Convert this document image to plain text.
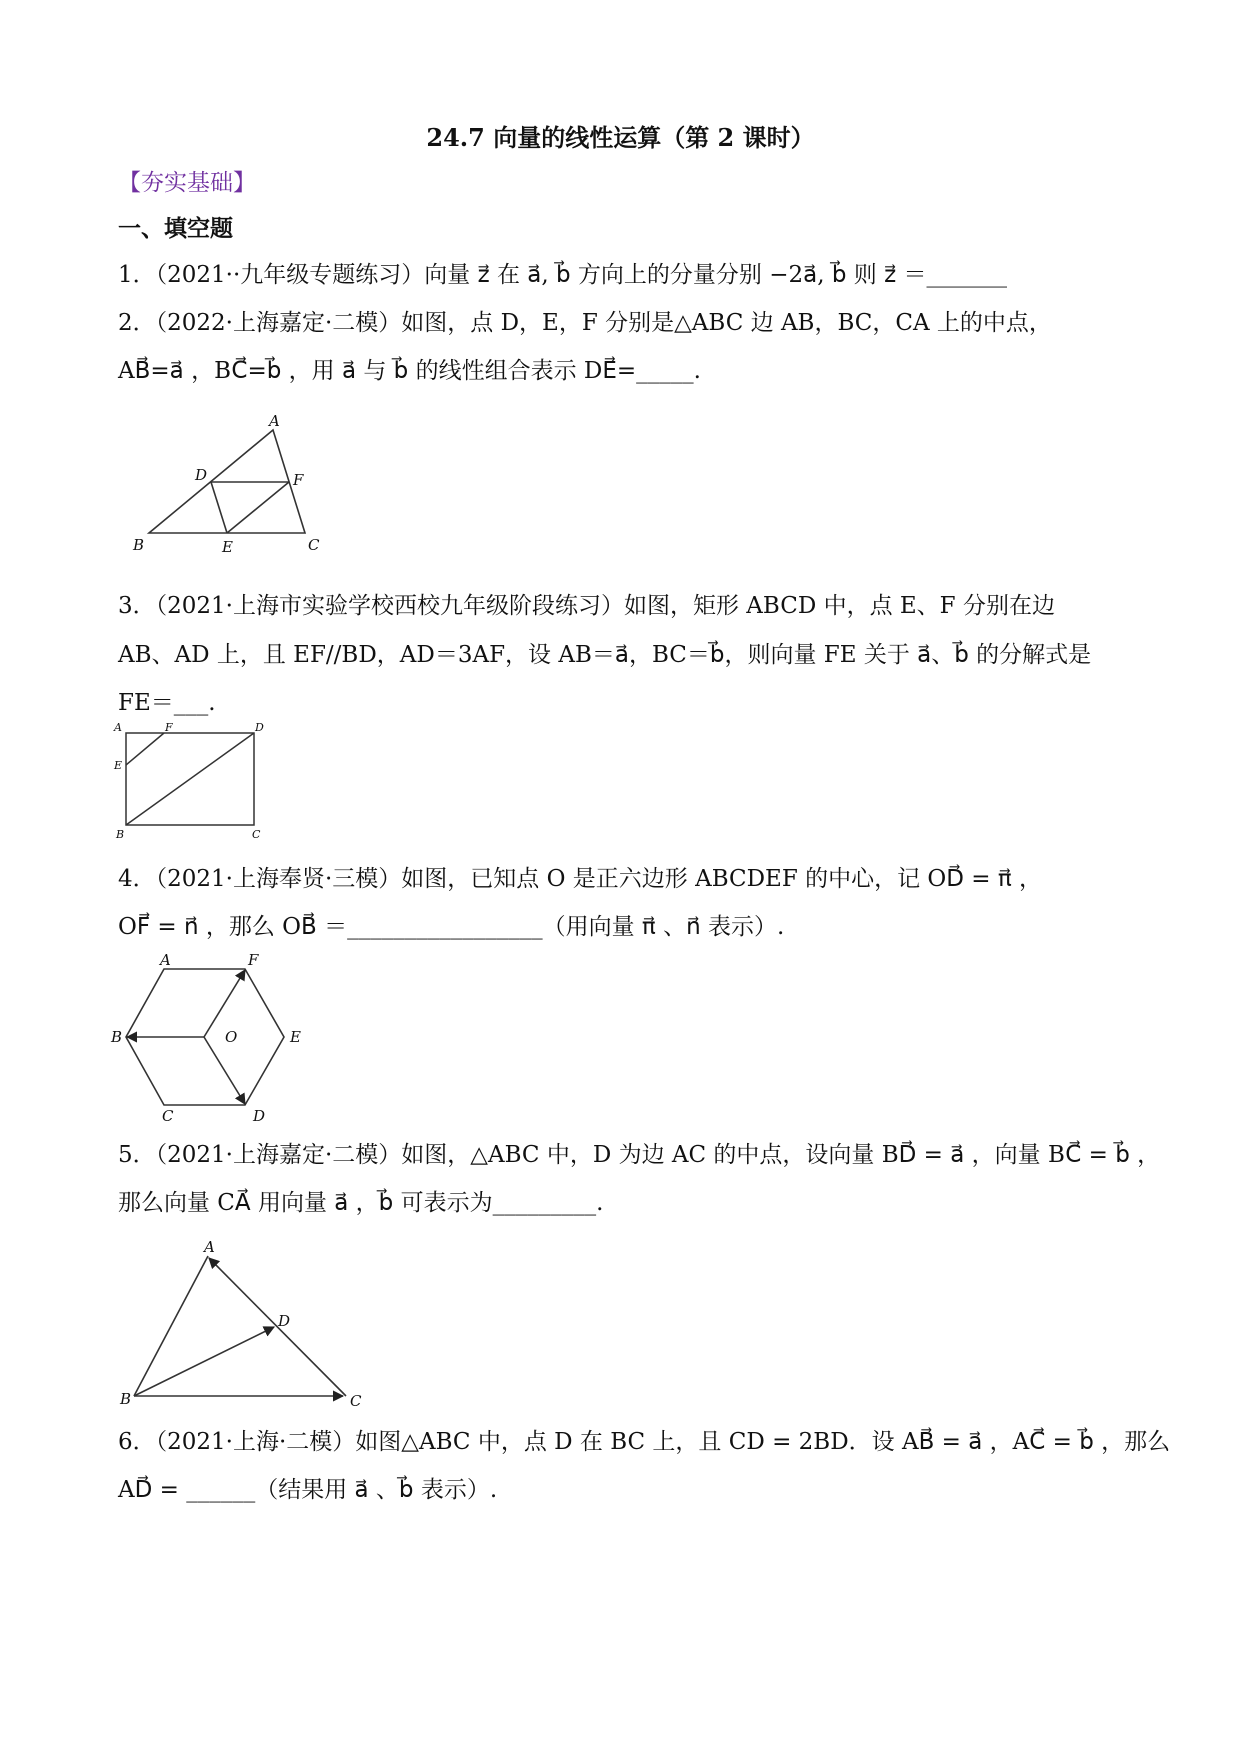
24.7 向量的线性运算（第 2 课时）
【夯实基础】
一、填空题
1．（2021··九年级专题练习）向量 z⃗ 在 a⃗, b⃗ 方向上的分量分别 −2a⃗, b⃗ 则 z⃗ ＝_______
2．（2022·上海嘉定·二模）如图，点 D，E，F 分别是△ABC 边 AB，BC，CA 上的中点，
AB⃗=a⃗ ，BC⃗=b⃗ ，用 a⃗ 与 b⃗ 的线性组合表示 DE⃗=_____.
A
B	C
D
E
F
3．（2021·上海市实验学校西校九年级阶段练习）如图，矩形 ABCD 中，点 E、F 分别在边
AB、AD 上，且 EF//BD，AD＝3AF，设 AB＝a⃗，BC＝b⃗，则向量 FE 关于 a⃗、b⃗ 的分解式是
FE＝___.
A	F	D
E
B	C
4．（2021·上海奉贤·三模）如图，已知点 O 是正六边形 ABCDEF 的中心，记 OD⃗ = π⃗ ，
OF⃗ = n⃗ ，那么 OB⃗ ＝_________________（用向量 π⃗ 、n⃗ 表示）.
A	F
B	O	E
C	D
5．（2021·上海嘉定·二模）如图，△ABC 中，D 为边 AC 的中点，设向量 BD⃗ = a⃗ ，向量 BC⃗ = b⃗ ，
那么向量 CA⃗ 用向量 a⃗ ，b⃗ 可表示为_________.
A
D
B	C
6．（2021·上海·二模）如图△ABC 中，点 D 在 BC 上，且 CD = 2BD．设 AB⃗ = a⃗ ，AC⃗ = b⃗ ，那么
AD⃗ = ______（结果用 a⃗ 、b⃗ 表示）.
